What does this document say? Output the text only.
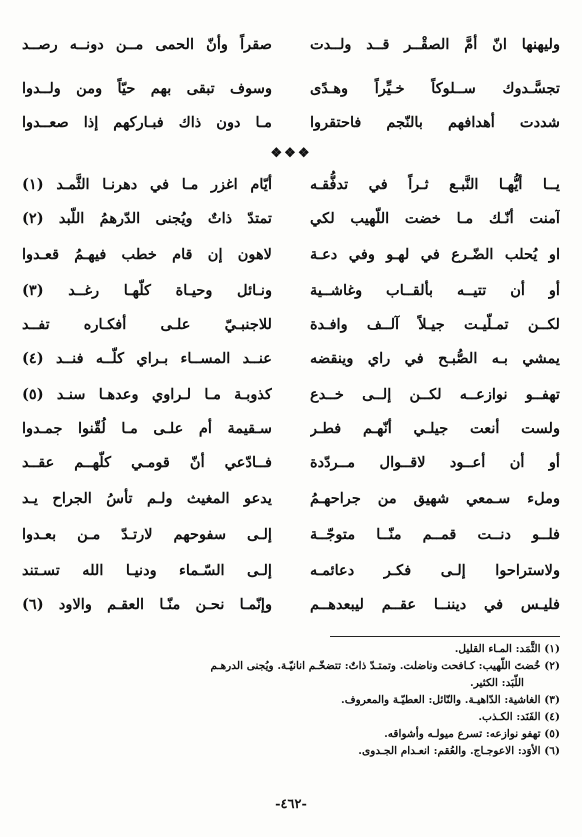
وليهنها انّ أمَّ الصقْــر قــد ولــدت
صقراً وأنّ الحمى مــن دونــه رصــد
تجسَّـدوك ســلوكاً خـيِّراً وهـدًى
وسوف تبقى بهم حيّاً ومن ولــدوا
شددت أهدافهم بالنّجم فاحتقروا
مـا دون ذاك فبـاركهم إذا صعــدوا
❖❖❖
يــا أيُّهـا النَّبـع ثـراً في تدفُّقـه
أيّام اغزر مـا في دهرنـا الثَّمـد (١)
آمنت أنّـك مـا خضت اللّهيب لكي
تمتدّ ذاتٌ ويُجنى الدّرهمُ اللّبد (٢)
او يُحلب الضّـرع في لهـو وفي دعـة
لاهون إن قام خطب فيهـمُ قعـدوا
أو أن تتيــه بألقــاب وغاشــية
ونـائل وحيـاة كلّهـا رغــد (٣)
لكــن تمـلّيـت جيـلاً آلــف وافـدة
للاجنبـيّ علـى أفكـاره تفــد
يمشي بـه الصُّبـح في راي وينقضه
عنــد المســاء بـراي كلّــه فنــد (٤)
تهفــو نوازعــه لكــن إلــى خــدع
كذوبـة مـا لـراوي وعدهـا سنـد (٥)
ولست أنعت جيلـي أنّهـم فطـر
سـقيمة أم علـى مـا لُقّنوا جمـدوا
أو أن أعــود لاقــوال مــردّدة
فــادّعي أنّ قومـي كلّهــم عقــد
وملء سـمعي شهيق من جراحهـمُ
يدعو المغيث ولـم تأسُ الجراح يـد
فلــو دنــت قمــم منّــا متوجّــة
إلـى سفوحهم لارتـدّ مـن بعـدوا
ولاستراحوا إلـى فكـر دعائمـه
إلـى السّـماء ودنيـا الله تسـتند
فليـس في ديننــا عقــم ليبعدهــم
وإنّمـا نحـن منّـا العقـم والاود (٦)
(١) الثَّمَد: المـاء القليل.
(٢) خُضتَ اللّهيب: كـافحت وناضلت. وتمتـدّ ذاتٌ: تتضخّـم انانيّـة. ويُجنى الدرهـم
اللّبَد: الكثير.
(٣) الغاشية: الدّاهيـة. والنّائل: العطيّـة والمعروف.
(٤) الفَنَد: الكـذب.
(٥) تهفو نوازعه: تسرع ميولـه وأشواقه.
(٦) الأوَد: الاعوجـاج. والعُقم: انعـدام الجـدوى.
-٤٦٢-
